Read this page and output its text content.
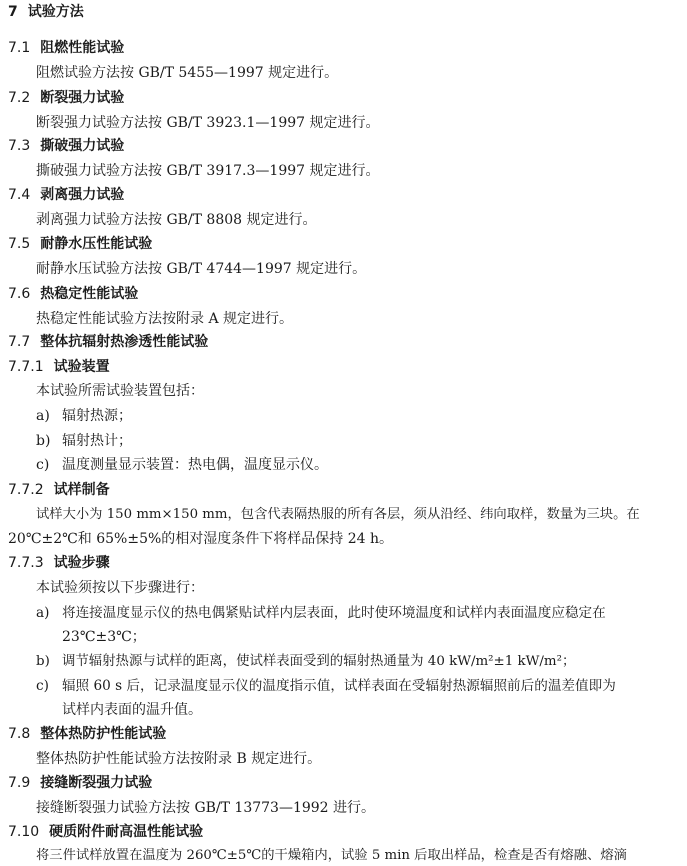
7 试验方法
7.1 阻燃性能试验
阻燃试验方法按 GB/T 5455—1997 规定进行。
7.2 断裂强力试验
断裂强力试验方法按 GB/T 3923.1—1997 规定进行。
7.3 撕破强力试验
撕破强力试验方法按 GB/T 3917.3—1997 规定进行。
7.4 剥离强力试验
剥离强力试验方法按 GB/T 8808 规定进行。
7.5 耐静水压性能试验
耐静水压试验方法按 GB/T 4744—1997 规定进行。
7.6 热稳定性能试验
热稳定性能试验方法按附录 A 规定进行。
7.7 整体抗辐射热渗透性能试验
7.7.1 试验装置
本试验所需试验装置包括：
a) 辐射热源；
b) 辐射热计；
c) 温度测量显示装置：热电偶，温度显示仪。
7.7.2 试样制备
试样大小为 150 mm×150 mm，包含代表隔热服的所有各层，须从沿经、纬向取样，数量为三块。在
20℃±2℃和 65%±5%的相对湿度条件下将样品保持 24 h。
7.7.3 试验步骤
本试验须按以下步骤进行：
a) 将连接温度显示仪的热电偶紧贴试样内层表面，此时使环境温度和试样内表面温度应稳定在
23℃±3℃；
b) 调节辐射热源与试样的距离，使试样表面受到的辐射热通量为 40 kW/m²±1 kW/m²；
c) 辐照 60 s 后，记录温度显示仪的温度指示值，试样表面在受辐射热源辐照前后的温差值即为
试样内表面的温升值。
7.8 整体热防护性能试验
整体热防护性能试验方法按附录 B 规定进行。
7.9 接缝断裂强力试验
接缝断裂强力试验方法按 GB/T 13773—1992 进行。
7.10 硬质附件耐高温性能试验
将三件试样放置在温度为 260℃±5℃的干燥箱内，试验 5 min 后取出样品，检查是否有熔融、熔滴
